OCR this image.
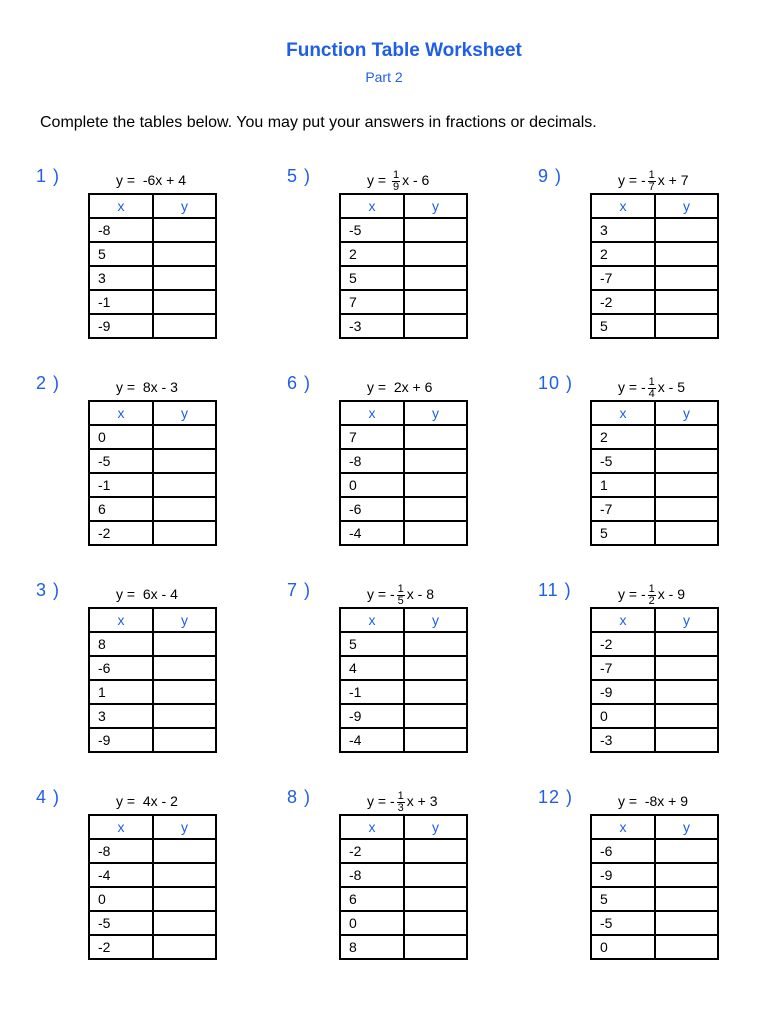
Function Table Worksheet
Part 2
Complete the tables below. You may put your answers in fractions or decimals.
1 )	y =  -6x + 4
x	y
-8	
5	
3	
-1	
-9	
2 )	y =  8x - 3
x	y
0	
-5	
-1	
6	
-2	
3 )	y =  6x - 4
x	y
8	
-6	
1	
3	
-9	
4 )	y =  4x - 2
x	y
-8	
-4	
0	
-5	
-2	
5 )	$y = \frac{1}{9}$ x - 6
x	y
-5	
2	
5	
7	
-3	
6 )	y =  2x + 6
x	y
7	
-8	
0	
-6	
-4	
7 )	y = - $\frac{1}{5}$ x - 8
x	y
5	
4	
-1	
-9	
-4	
8 )	y = - $\frac{1}{3}$ x + 3
x	y
-2	
-8	
6	
0	
8	
9 )	y = - $\frac{1}{7}$ x + 7
x	y
3	
2	
-7	
-2	
5	
10 )	y = - $\frac{1}{4}$ x - 5
x	y
2	
-5	
1	
-7	
5	
11 )	y = - $\frac{1}{2}$ x - 9
x	y
-2	
-7	
-9	
0	
-3	
12 )	y =  -8x + 9
x	y
-6	
-9	
5	
-5	
0	
